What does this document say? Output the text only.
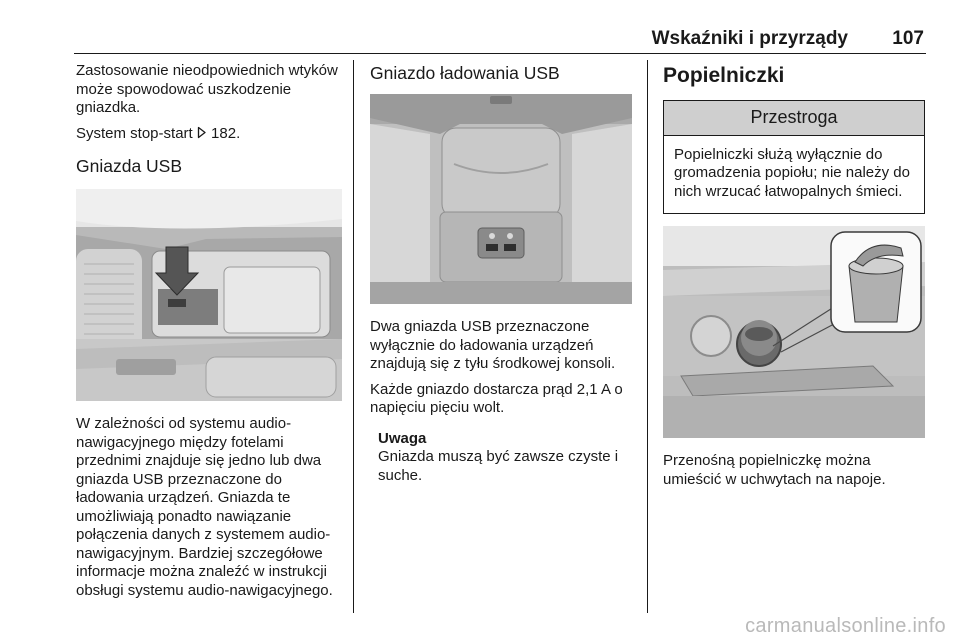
Wskaźniki i przyrządy	107

Zastosowanie nieodpowiednich wtyków może spowodować uszkodzenie gniazdka.

System stop-start 182.

Gniazda USB

W zależności od systemu audio-nawigacyjnego między fotelami przednimi znajduje się jedno lub dwa gniazda USB przeznaczone do ładowania urządzeń. Gniazda te umożliwiają ponadto nawiązanie połączenia danych z systemem audio-nawigacyjnym. Bardziej szczegółowe informacje można znaleźć w instrukcji obsługi systemu audio-nawigacyjnego.

Gniazdo ładowania USB

Dwa gniazda USB przeznaczone wyłącznie do ładowania urządzeń znajdują się z tyłu środkowej konsoli.

Każde gniazdo dostarcza prąd 2,1 A o napięciu pięciu wolt.

Uwaga
Gniazda muszą być zawsze czyste i suche.
Popielniczki
Przestroga
Popielniczki służą wyłącznie do gromadzenia popiołu; nie należy do nich wrzucać łatwopalnych śmieci.

Przenośną popielniczkę można umieścić w uchwytach na napoje.

carmanualsonline.info
